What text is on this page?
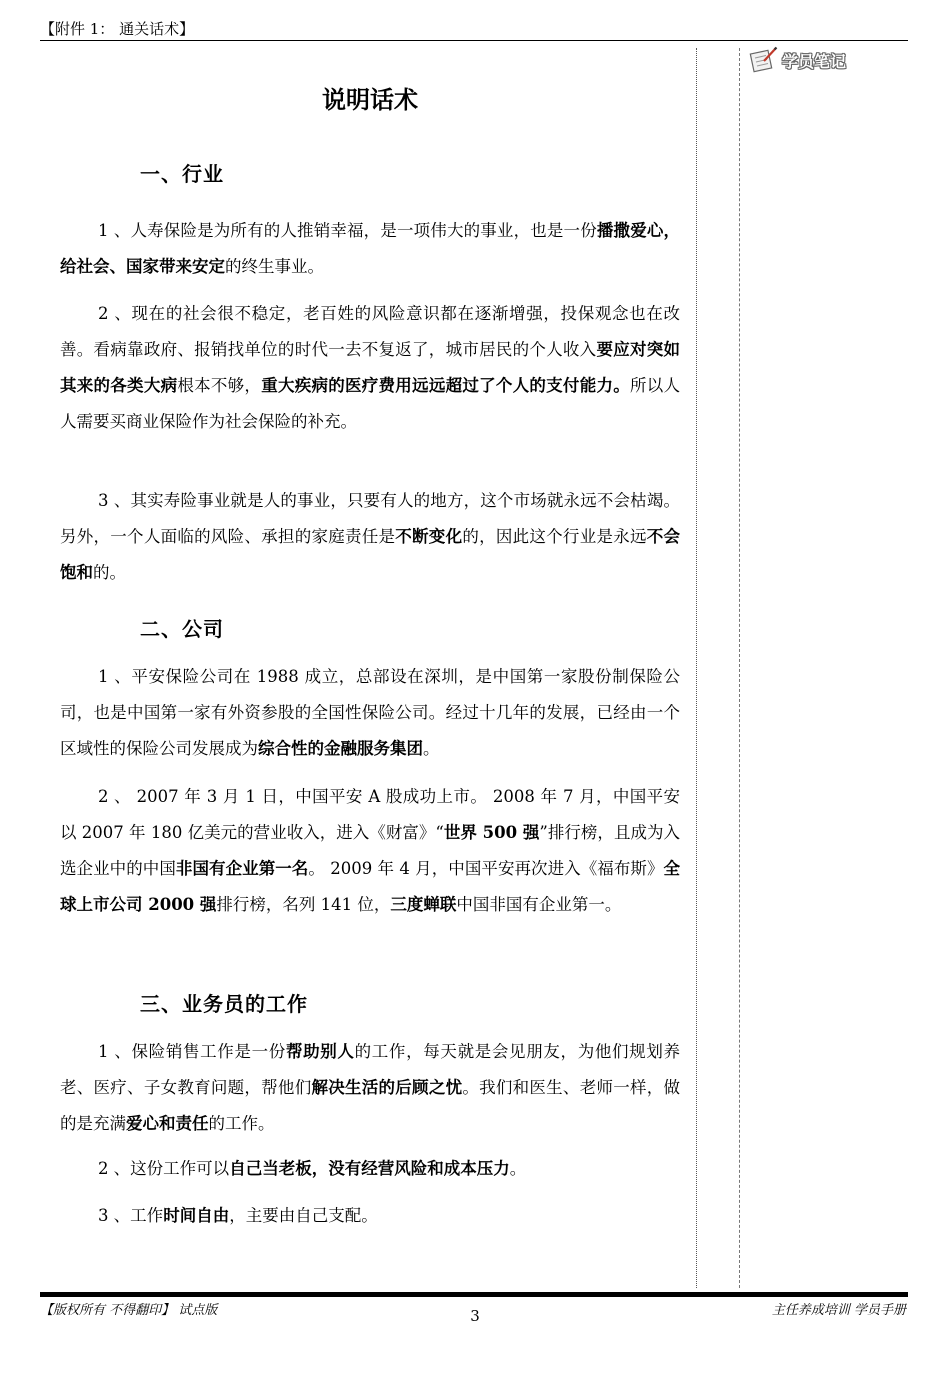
【附件 1： 通关话术】
学员笔记
说明话术
一、行业
1 、人寿保险是为所有的人推销幸福，是一项伟大的事业，也是一份播撒爱心，给社会、国家带来安定的终生事业。
2 、现在的社会很不稳定，老百姓的风险意识都在逐渐增强，投保观念也在改善。看病靠政府、报销找单位的时代一去不复返了，城市居民的个人收入要应对突如其来的各类大病根本不够，重大疾病的医疗费用远远超过了个人的支付能力。所以人人需要买商业保险作为社会保险的补充。
3 、其实寿险事业就是人的事业，只要有人的地方，这个市场就永远不会枯竭。另外，一个人面临的风险、承担的家庭责任是不断变化的，因此这个行业是永远不会饱和的。
二、公司
1 、平安保险公司在 1988 成立，总部设在深圳，是中国第一家股份制保险公司，也是中国第一家有外资参股的全国性保险公司。经过十几年的发展，已经由一个区域性的保险公司发展成为综合性的金融服务集团。
2 、 2007 年 3 月 1 日，中国平安 A 股成功上市。 2008 年 7 月，中国平安以 2007 年 180 亿美元的营业收入，进入《财富》“世界 500 强”排行榜，且成为入选企业中的中国非国有企业第一名。 2009 年 4 月，中国平安再次进入《福布斯》全球上市公司 2000 强排行榜，名列 141 位，三度蝉联中国非国有企业第一。
三、业务员的工作
1 、保险销售工作是一份帮助别人的工作，每天就是会见朋友，为他们规划养老、医疗、子女教育问题，帮他们解决生活的后顾之忧。我们和医生、老师一样，做的是充满爱心和责任的工作。
2 、这份工作可以自己当老板，没有经营风险和成本压力。
3 、工作时间自由，主要由自己支配。
【版权所有 不得翻印】 试点版	主任养成培训 学员手册
3
